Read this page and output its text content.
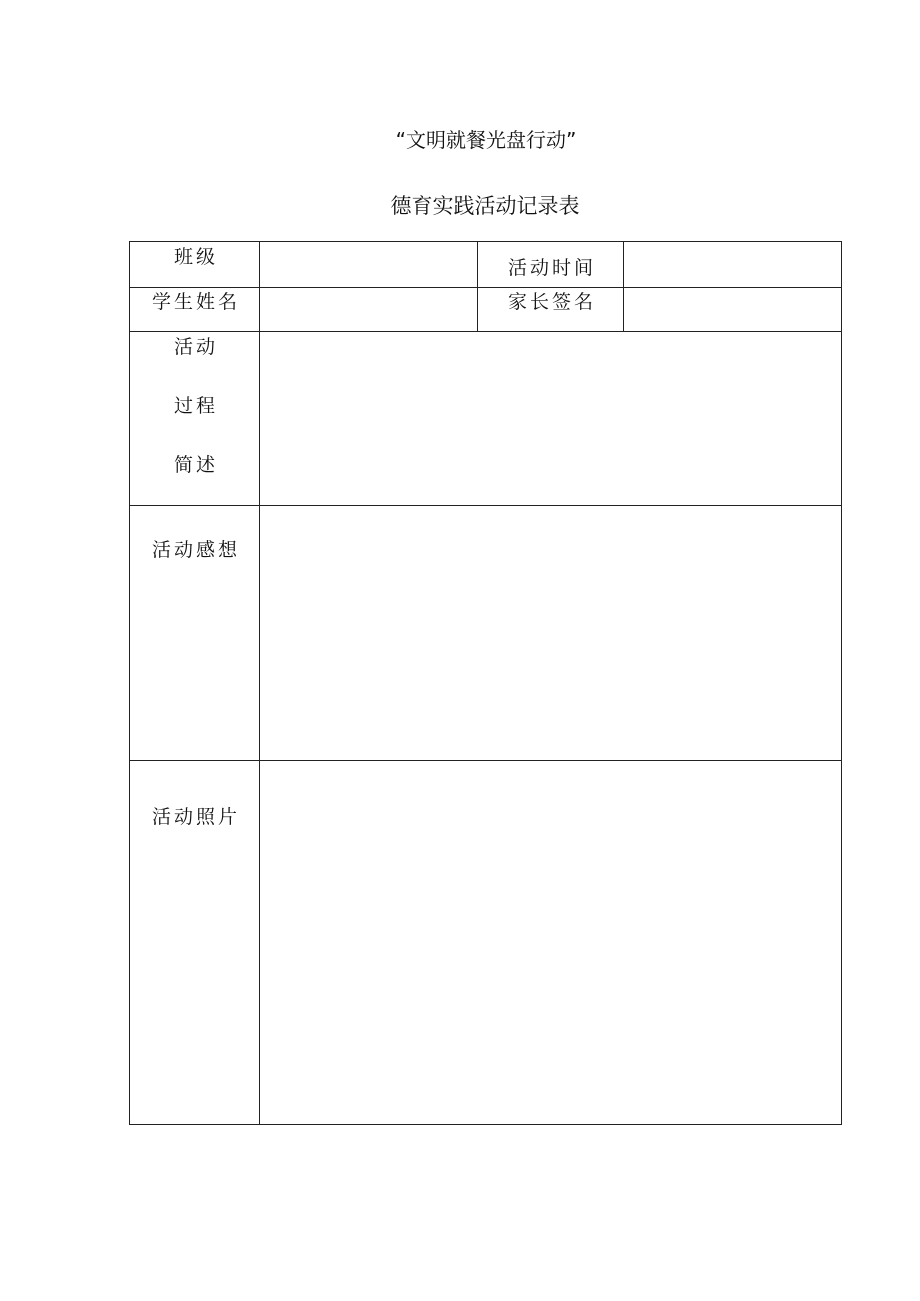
“文明就餐光盘行动”
德育实践活动记录表
班级	活动时间
学生姓名	家长签名
活动
过程
简述
活动感想
活动照片
